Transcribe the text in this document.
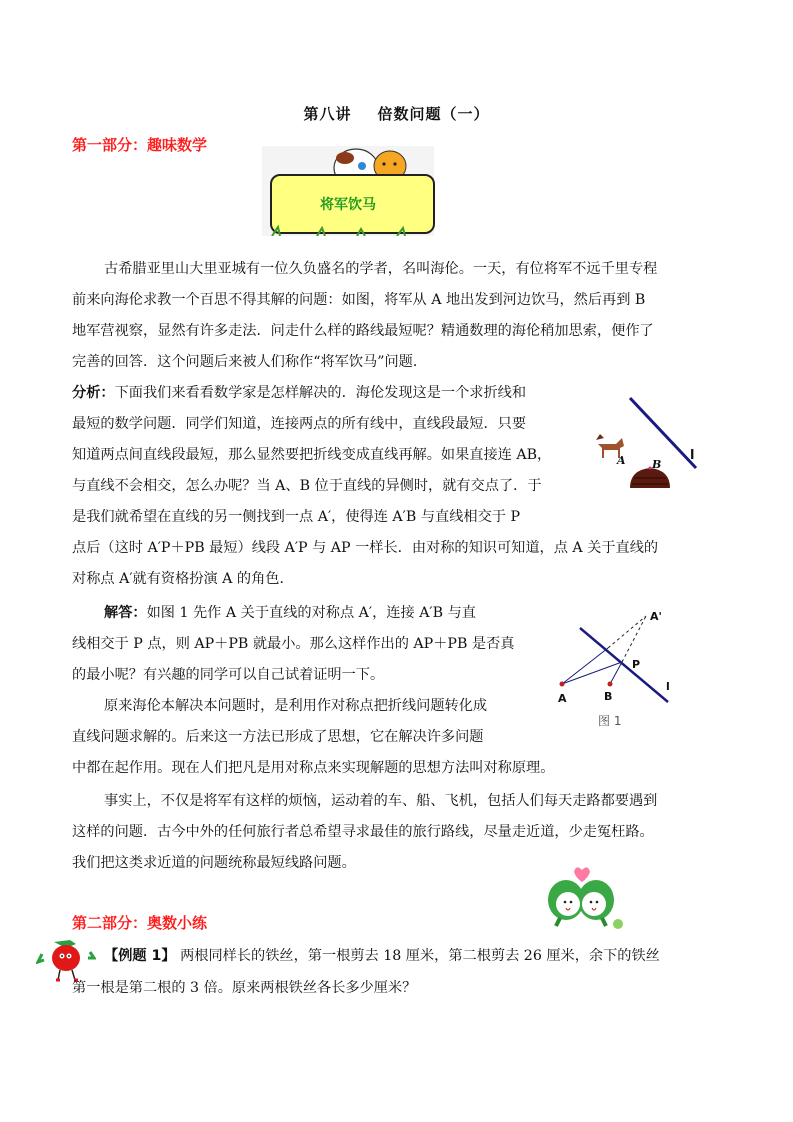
第八讲 倍数问题（一）
第一部分：趣味数学
将军饮马
古希腊亚里山大里亚城有一位久负盛名的学者，名叫海伦。一天，有位将军不远千里专程
前来向海伦求教一个百思不得其解的问题：如图，将军从 A 地出发到河边饮马，然后再到 B
地军营视察，显然有许多走法．问走什么样的路线最短呢？精通数理的海伦稍加思索，便作了
完善的回答．这个问题后来被人们称作“将军饮马”问题．
分析：下面我们来看看数学家是怎样解决的．海伦发现这是一个求折线和
最短的数学问题．同学们知道，连接两点的所有线中，直线段最短．只要
知道两点间直线段最短，那么显然要把折线变成直线再解。如果直接连 AB，
与直线不会相交，怎么办呢？当 A、B 位于直线的异侧时，就有交点了．于
是我们就希望在直线的另一侧找到一点 A′，使得连 A′B 与直线相交于 P
点后（这时 A′P＋PB 最短）线段 A′P 与 AP 一样长．由对称的知识可知道，点 A 关于直线的
对称点 A′就有资格扮演 A 的角色．
A B
l
解答：如图 1 先作 A 关于直线的对称点 A′，连接 A′B 与直
线相交于 P 点，则 AP＋PB 就最小。那么这样作出的 AP＋PB 是否真
的最小呢？有兴趣的同学可以自己试着证明一下。
原来海伦本解决本问题时，是利用作对称点把折线问题转化成
直线问题求解的。后来这一方法已形成了思想，它在解决许多问题
中都在起作用。现在人们把凡是用对称点来实现解题的思想方法叫对称原理。
A'
P
A	B
l
图 1
事实上，不仅是将军有这样的烦恼，运动着的车、船、飞机，包括人们每天走路都要遇到
这样的问题．古今中外的任何旅行者总希望寻求最佳的旅行路线，尽量走近道，少走冤枉路。
我们把这类求近道的问题统称最短线路问题。
第二部分：奥数小练
【例题 1】 两根同样长的铁丝，第一根剪去 18 厘米，第二根剪去 26 厘米，余下的铁丝
第一根是第二根的 3 倍。原来两根铁丝各长多少厘米？
